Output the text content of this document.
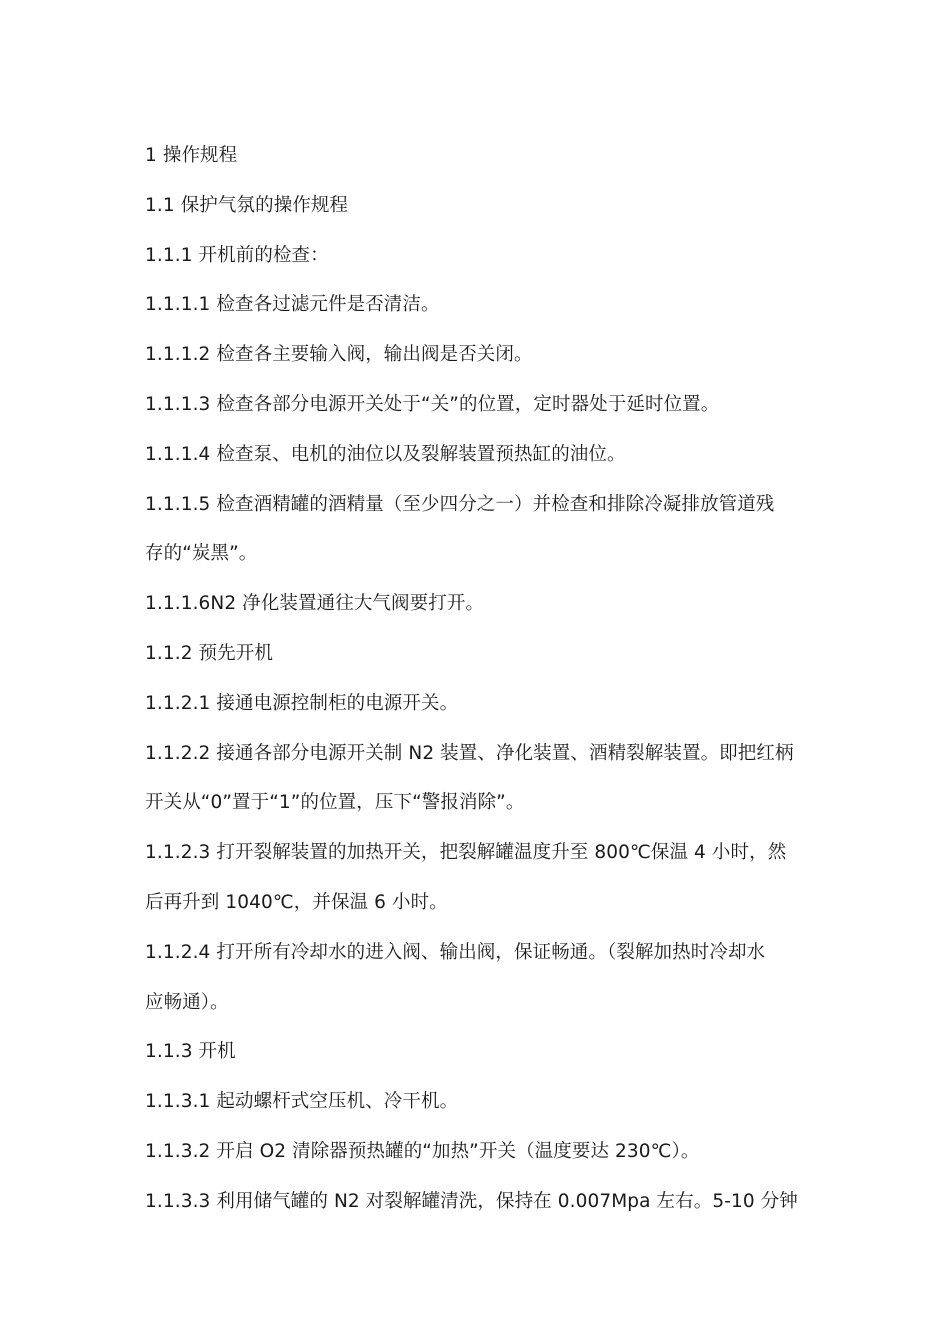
1 操作规程
1.1 保护气氛的操作规程
1.1.1 开机前的检查：
1.1.1.1 检查各过滤元件是否清洁。
1.1.1.2 检查各主要输入阀，输出阀是否关闭。
1.1.1.3 检查各部分电源开关处于“关”的位置，定时器处于延时位置。
1.1.1.4 检查泵、电机的油位以及裂解装置预热缸的油位。
1.1.1.5 检查酒精罐的酒精量（至少四分之一）并检查和排除冷凝排放管道残
存的“炭黑”。
1.1.1.6N2 净化装置通往大气阀要打开。
1.1.2 预先开机
1.1.2.1 接通电源控制柜的电源开关。
1.1.2.2 接通各部分电源开关制 N2 装置、净化装置、酒精裂解装置。即把红柄
开关从“0”置于“1”的位置，压下“警报消除”。
1.1.2.3 打开裂解装置的加热开关，把裂解罐温度升至 800℃保温 4 小时，然
后再升到 1040℃，并保温 6 小时。
1.1.2.4 打开所有冷却水的进入阀、输出阀，保证畅通。（裂解加热时冷却水
应畅通）。
1.1.3 开机
1.1.3.1 起动螺杆式空压机、冷干机。
1.1.3.2 开启 O2 清除器预热罐的“加热”开关（温度要达 230℃）。
1.1.3.3 利用储气罐的 N2 对裂解罐清洗，保持在 0.007Mpa 左右。5-10 分钟
